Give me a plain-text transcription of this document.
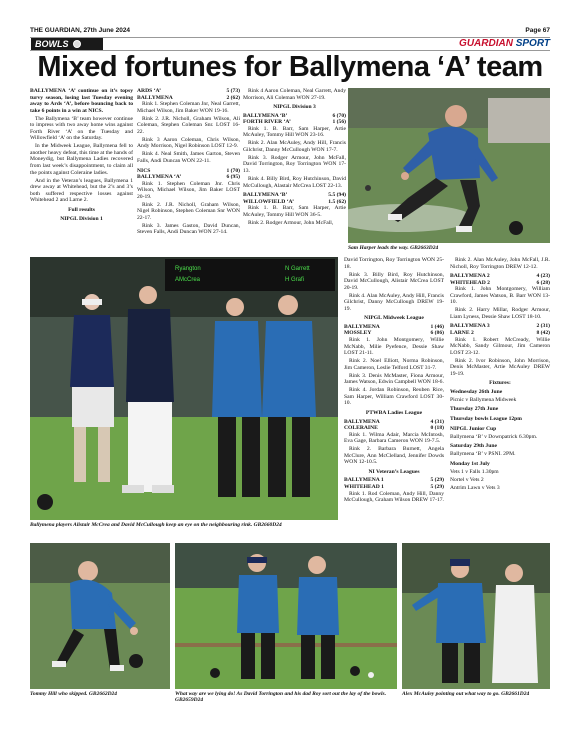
THE GUARDIAN, 27th June 2024	Page 67
BOWLS	GUARDIAN SPORT
Mixed fortunes for Ballymena ‘A’ team

BALLYMENA ‘A’ continue on it’s topsy turvy season, losing last Tuesday evening away to Ards ‘A’, before bouncing back to take 6 points in a win at NICS.

The Ballymena ‘B’ team however continue to impress with two away home wins against Forth River ‘A’ on the Tuesday and Willowfield ‘A’ on the Saturday.

In the Midweek League, Ballymena fell to another heavy defeat, this time at the hands of Moneydig, but Ballymena Ladies recovered from last week’s disappointment, to claim all the points against Coleraine ladies.

And in the Veteran’s leagues, Ballymena 1 drew away at Whitehead, but the 2’s and 3’s both suffered respective losses against Whitehead 2 and Larne 2.

Full results

NIPGL Division 1

ARDS ‘A’	5 (73)
BALLYMENA	2 (62)

Rink 1. Stephen Coleman Jnr, Neal Garrett, Michael Wilson, Jim Baker WON 19-16.

Rink 2. J.R. Nicholl, Graham Wilson, Ali Coleman, Stephen Coleman Snr. LOST 16-22.

Rink 3 Aaron Coleman, Chris Wilson, Andy Morrison, Nigel Robinson LOST 12-9.

Rink 4. Neal Smith, James Garton, Steven Falls, Andi Duncan WON 22-11.

NICS	1 (70)
BALLYMENA ‘A’	6 (95)

Rink 1. Stephen Coleman Jnr. Chris Wilson, Michael Wilson, Jim Baker LOST 20-19.

Rink 2. J.R. Nicholl, Graham Wilson, Nigel Robinson, Stephen Coleman Snr WON 22-17.

Rink 3. James Gaston, David Duncan, Steven Falls, Andi Duncan WON 27-14.

Rink 4 Aaron Coleman, Neal Garrett, Andy Morrison, Ali Coleman WON 27-19.

NIPGL Division 3

BALLYMENA ‘B’	6 (70)
FORTH RIVER ‘A’	1 (56)

Rink 1. B. Barr, Sam Harper, Artie McAuley, Tommy Hill WON 23-16.

Rink 2. Alan McAuley, Andy Hill, Francis Gilchrist, Danny McCullough WON 17-7.

Rink 3. Rodger Armour, John McFall, David Torrington, Roy Torrington WON 17-13.

Rink 4. Billy Bird, Roy Hutchinson, David McCullough, Alastair McCrea LOST 22-13.

BALLYMENA ‘B’	5.5 (94)
WILLOWFIELD ‘A’	1.5 (62)

Rink 1. B. Barr, Sam Harper, Artie McAuley, Tommy Hill WON 36-5.

Rink 2. Rodger Armour, John McFall,

Sam Harper leads the way. GB2663D24
Ryangton
AMcCrea
N Garrett
H Grafi
Ballymena players Alistair McCrea and David McCullough keep an eye on the neighbouring rink. GB2660D24

David Torrington, Roy Torrington WON 25-18.

Rink 3. Billy Bird, Roy Hutchinson, David McCullough, Alistair McCrea LOST 20-19.

Rink 4. Alan McAuley, Andy Hill, Francis Gilchrist, Danny McCullough DREW 19-19.

NIPGL Midweek League

BALLYMENA	1 (46)
MOSSLEY	6 (86)

Rink 1. John Montgomery, Willie McNabb, Milie Pyefence, Dessie Shaw LOST 21-11.

Rink 2. Noel Elliott, Norma Robinson, Jim Cameron, Leslie Telford LOST 31-7.

Rink 3. Denis McMaster, Fiona Armour, James Watson, Edwin Campbell WON 18-6.

Rink 4. Jordan Robinson, Reuben Rice, Sam Harper, William Crawford LOST 30-10.

PTWBA Ladies League

BALLYMENA	4 (31)
COLERAINE	0 (18)

Rink 1. Wilma Adair, Marcia McIntosh, Eva Gage, Barbara Cameron WON 19-7.5.

Rink 2. Barbara Burnett, Angela McClure, Ann McClelland, Jennifer Dowds WON 12-10.5.

NI Veteran’s Leagues

BALLYMENA 1	5 (29)
WHITEHEAD 1	5 (29)

Rink 1. Rod Coleman, Andy Hill, Danny McCullough, Graham Wilson DREW 17-17.

Rink 2. Alan McAuley, John McFall, J.R. Nicholl, Roy Torrington DREW 12-12.

BALLYMENA 2	4 (23)
WHITEHEAD 2	6 (28)

Rink 1. John Montgomery, William Crawford, James Watson, B. Barr WON 13-10.

Rink 2. Harry Millar, Rodger Armour, Liam Lyness, Dessie Shaw LOST 18-10.

BALLYMENA 3	2 (31)
LARNE 2	8 (42)

Rink 1. Robert McCready, Willie McNabb, Sandy Gilmour, Jim Cameron LOST 23-12.

Rink 2. Ivor Robinson, John Morrison, Denis McMaster, Artie McAuley DREW 19-19.

Fixtures:

Wednesday 26th June

Picnic v Ballymena Midweek

Thursday 27th June

Thursday bowls League 12pm

NIPGL Junior Cup

Ballymena ‘B’ v Downpatrick 6.30pm.

Saturday 29th June

Ballymena ‘B’ v PSNI. 2PM.

Monday 1st July

Vets 1 v Falls 1.30pm

Nortel v Vets 2

Antrim Lawn v Vets 3

Tommy Hill who skipped. GB2662D24	What way are we lying do! As David Torrington and his dad Roy sort out the lay of the bowls. GB2659D24
Alex McAuley pointing out what way to go. GB2661D24
